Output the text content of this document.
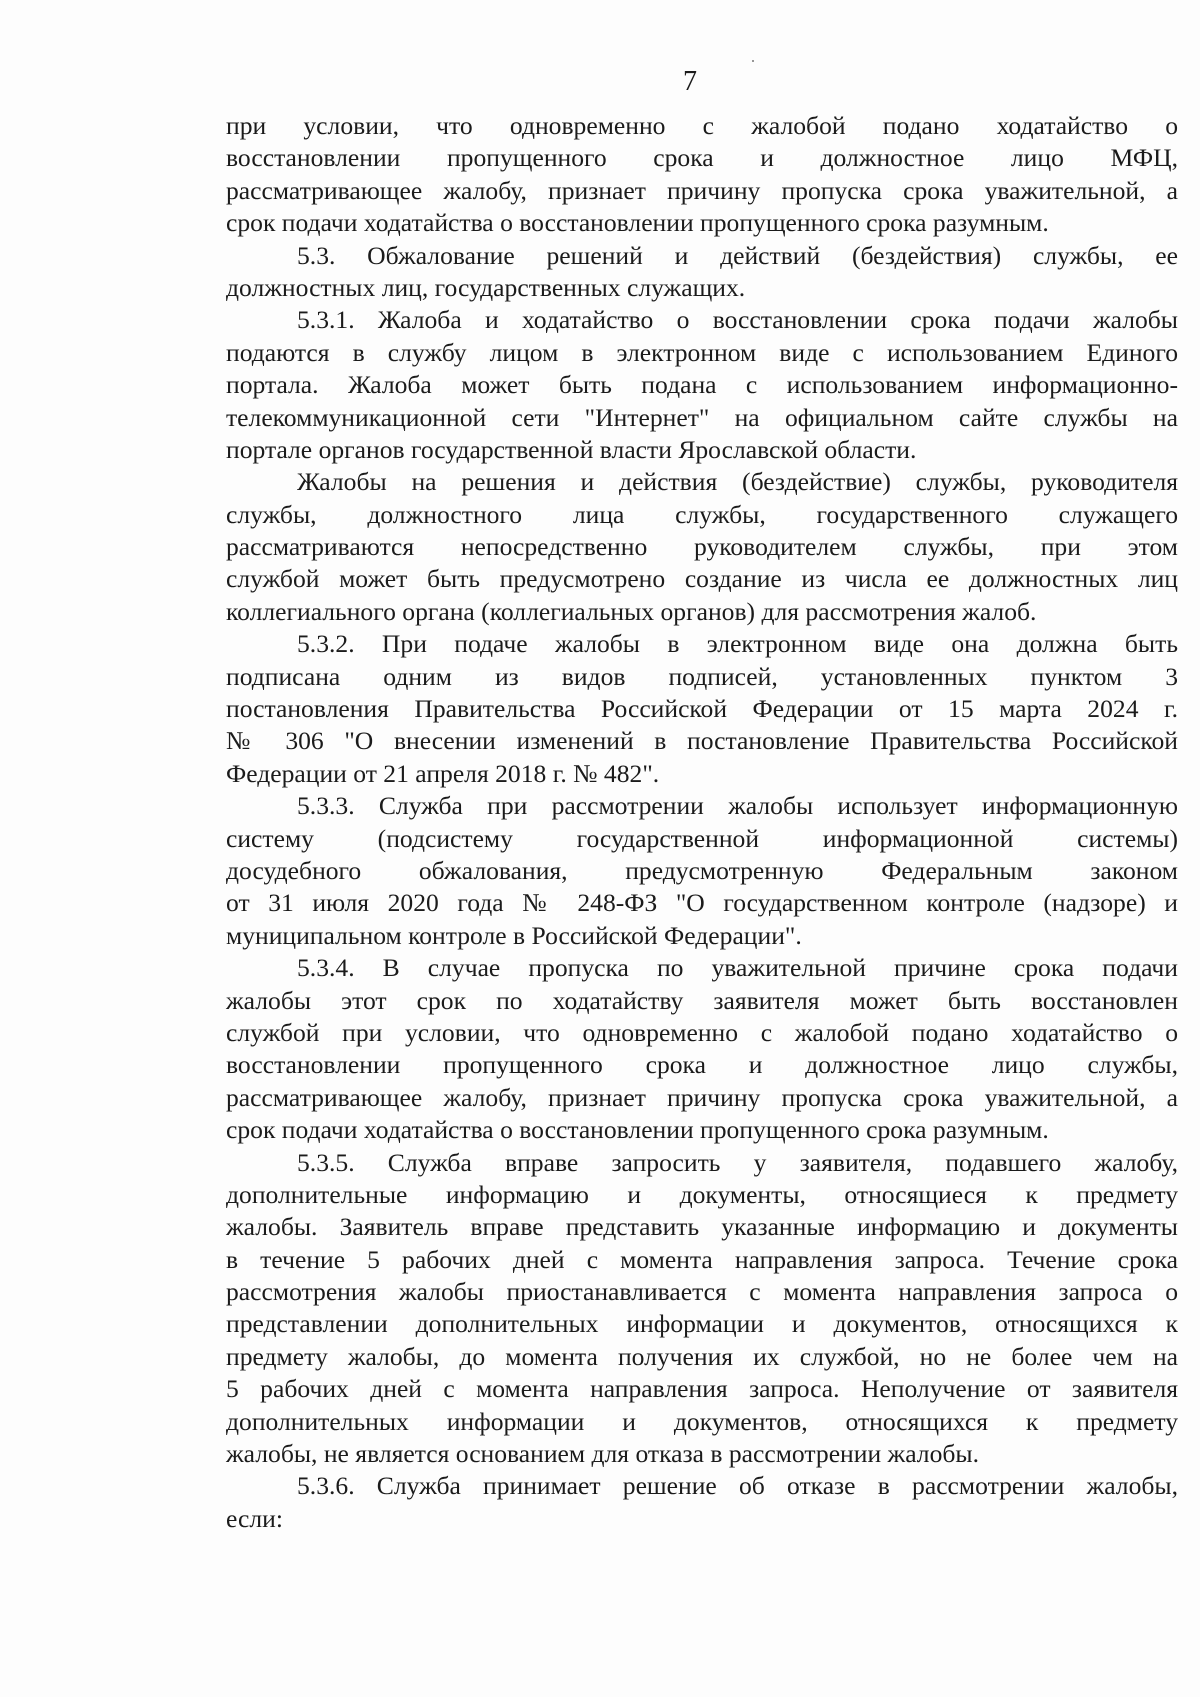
7
при условии, что одновременно с жалобой подано ходатайство о
восстановлении пропущенного срока и должностное лицо МФЦ,
рассматривающее жалобу, признает причину пропуска срока уважительной, а
срок подачи ходатайства о восстановлении пропущенного срока разумным.
5.3. Обжалование решений и действий (бездействия) службы, ее
должностных лиц, государственных служащих.
5.3.1. Жалоба и ходатайство о восстановлении срока подачи жалобы
подаются в службу лицом в электронном виде с использованием Единого
портала. Жалоба может быть подана с использованием информационно-
телекоммуникационной сети "Интернет" на официальном сайте службы на
портале органов государственной власти Ярославской области.
Жалобы на решения и действия (бездействие) службы, руководителя
службы, должностного лица службы, государственного служащего
рассматриваются непосредственно руководителем службы, при этом
службой может быть предусмотрено создание из числа ее должностных лиц
коллегиального органа (коллегиальных органов) для рассмотрения жалоб.
5.3.2. При подаче жалобы в электронном виде она должна быть
подписана одним из видов подписей, установленных пунктом 3
постановления Правительства Российской Федерации от 15 марта 2024 г.
№ 306 "О внесении изменений в постановление Правительства Российской
Федерации от 21 апреля 2018 г. № 482".
5.3.3. Служба при рассмотрении жалобы использует информационную
систему (подсистему государственной информационной системы)
досудебного обжалования, предусмотренную Федеральным законом
от 31 июля 2020 года № 248-ФЗ "О государственном контроле (надзоре) и
муниципальном контроле в Российской Федерации".
5.3.4. В случае пропуска по уважительной причине срока подачи
жалобы этот срок по ходатайству заявителя может быть восстановлен
службой при условии, что одновременно с жалобой подано ходатайство о
восстановлении пропущенного срока и должностное лицо службы,
рассматривающее жалобу, признает причину пропуска срока уважительной, а
срок подачи ходатайства о восстановлении пропущенного срока разумным.
5.3.5. Служба вправе запросить у заявителя, подавшего жалобу,
дополнительные информацию и документы, относящиеся к предмету
жалобы. Заявитель вправе представить указанные информацию и документы
в течение 5 рабочих дней с момента направления запроса. Течение срока
рассмотрения жалобы приостанавливается с момента направления запроса о
представлении дополнительных информации и документов, относящихся к
предмету жалобы, до момента получения их службой, но не более чем на
5 рабочих дней с момента направления запроса. Неполучение от заявителя
дополнительных информации и документов, относящихся к предмету
жалобы, не является основанием для отказа в рассмотрении жалобы.
5.3.6. Служба принимает решение об отказе в рассмотрении жалобы,
если:
